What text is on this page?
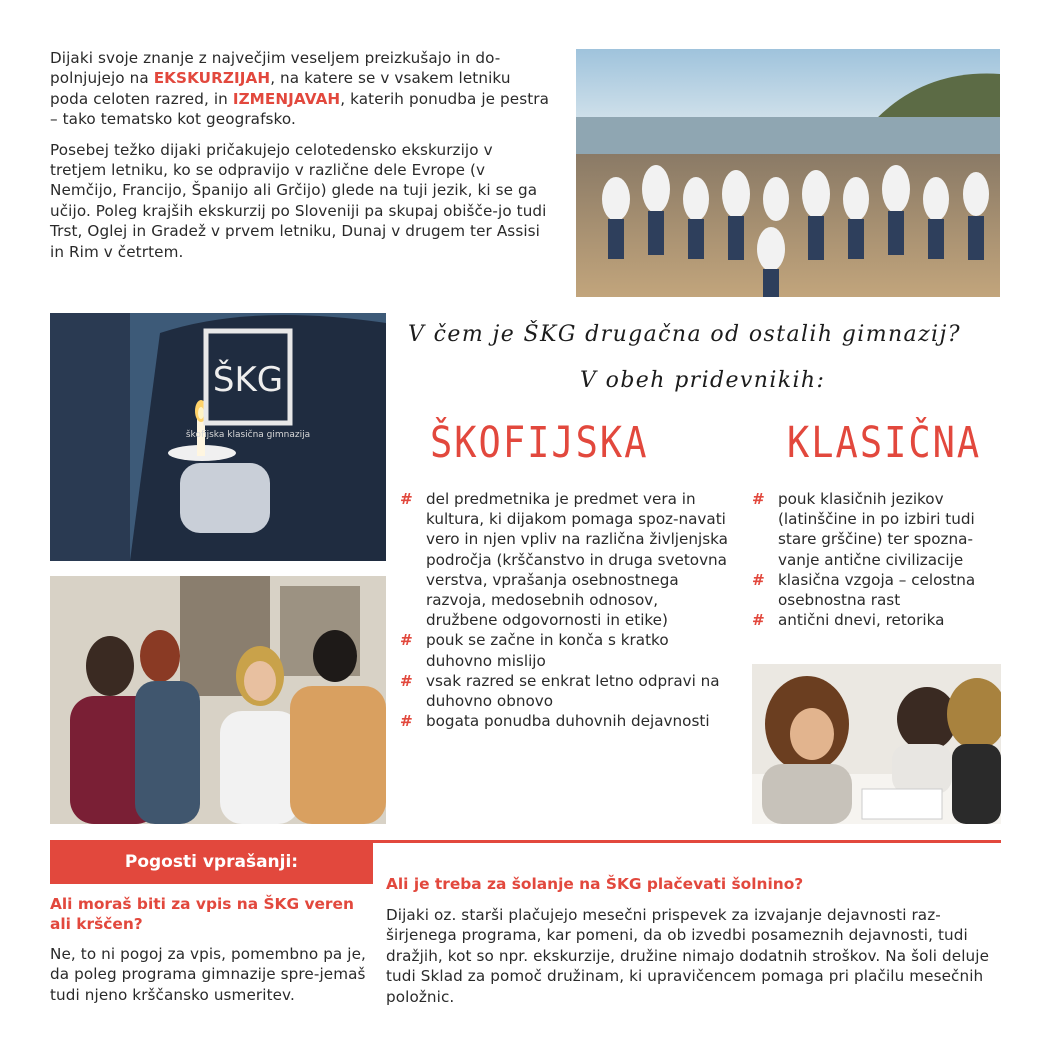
Dijaki svoje znanje z največjim veseljem preizkušajo in do-polnjujejo na EKSKURZIJAH, na katere se v vsakem letniku poda celoten razred, in IZMENJAVAH, katerih ponudba je pestra – tako tematsko kot geografsko.

Posebej težko dijaki pričakujejo celotedensko ekskurzijo v tretjem letniku, ko se odpravijo v različne dele Evrope (v Nemčijo, Francijo, Španijo ali Grčijo) glede na tuji jezik, ki se ga učijo. Poleg krajših ekskurzij po Sloveniji pa skupaj obišče-jo tudi Trst, Oglej in Gradež v prvem letniku, Dunaj v drugem ter Assisi in Rim v četrtem.

ŠKG
škofijska klasična gimnazija
V čem je ŠKG drugačna od ostalih gimnazij?
V obeh pridevnikih:
ŠKOFIJSKA	KLASIČNA
# del predmetnika je predmet vera in kultura, ki dijakom pomaga spoz-navati vero in njen vpliv na različna življenjska področja (krščanstvo in druga svetovna verstva, vprašanja osebnostnega razvoja, medosebnih odnosov, družbene odgovornosti in etike)
# pouk se začne in konča s kratko duhovno mislijo
# vsak razred se enkrat letno odpravi na duhovno obnovo
# bogata ponudba duhovnih dejavnosti
# pouk klasičnih jezikov (latinščine in po izbiri tudi stare grščine) ter spozna-vanje antične civilizacije
# klasična vzgoja – celostna osebnostna rast
# antični dnevi, retorika
Pogosti vprašanji:
Ali moraš biti za vpis na ŠKG veren ali krščen?
Ne, to ni pogoj za vpis, pomembno pa je, da poleg programa gimnazije spre-jemaš tudi njeno krščansko usmeritev.
Ali je treba za šolanje na ŠKG plačevati šolnino?
Dijaki oz. starši plačujejo mesečni prispevek za izvajanje dejavnosti raz-širjenega programa, kar pomeni, da ob izvedbi posameznih dejavnosti, tudi dražjih, kot so npr. ekskurzije, družine nimajo dodatnih stroškov. Na šoli deluje tudi Sklad za pomoč družinam, ki upravičencem pomaga pri plačilu mesečnih položnic.
